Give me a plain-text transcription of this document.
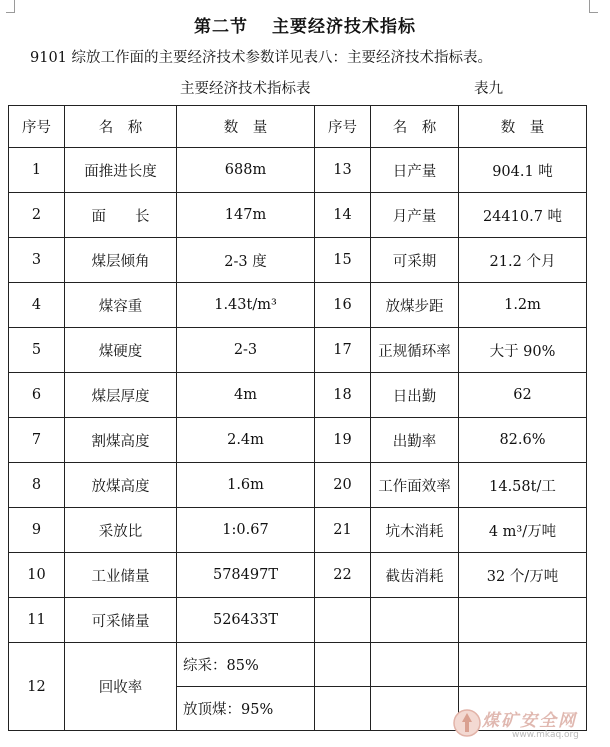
第二节 主要经济技术指标
9101 综放工作面的主要经济技术参数详见表八：主要经济技术指标表。
主要经济技术指标表	表九
序号	名　称	数　量	序号	名　称	数　量
1	面推进长度	688m	13	日产量	904.1 吨
2	面　　长	147m	14	月产量	24410.7 吨
3	煤层倾角	2-3 度	15	可采期	21.2 个月
4	煤容重	1.43t/m³	16	放煤步距	1.2m
5	煤硬度	2-3	17	正规循环率	大于 90%
6	煤层厚度	4m	18	日出勤	62
7	割煤高度	2.4m	19	出勤率	82.6%
8	放煤高度	1.6m	20	工作面效率	14.58t/工
9	采放比	1:0.67	21	坑木消耗	4 m³/万吨
10	工业储量	578497T	22	截齿消耗	32 个/万吨
11	可采储量	526433T			
12	回收率	综采：85%			
		放顶煤：95%			
煤矿安全网
www.mkaq.org
